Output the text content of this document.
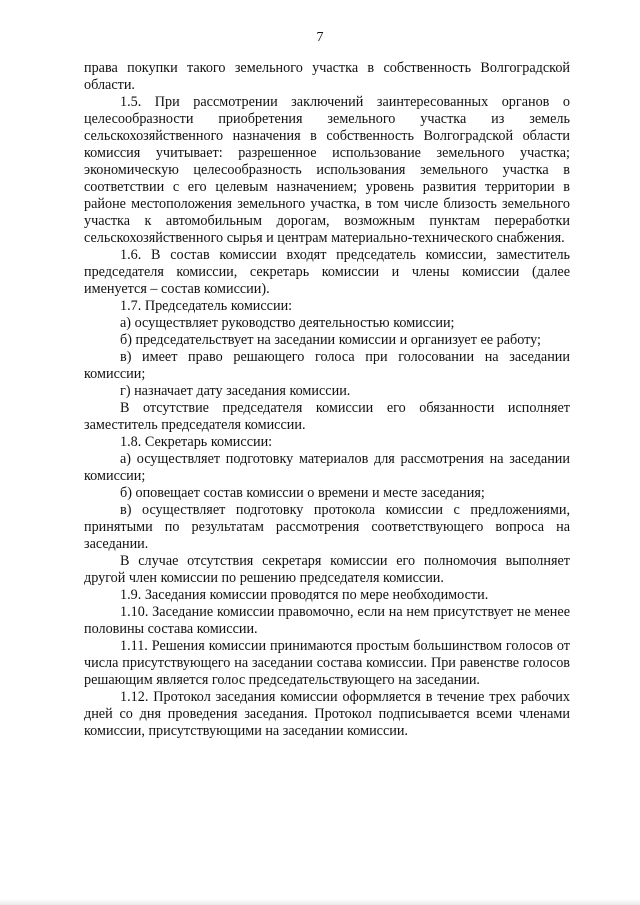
7

права покупки такого земельного участка в собственность Волгоградской области.

1.5. При рассмотрении заключений заинтересованных органов о целесообразности приобретения земельного участка из земель сельскохозяйственного назначения в собственность Волгоградской области комиссия учитывает: разрешенное использование земельного участка; экономическую целесообразность использования земельного участка в соответствии с его целевым назначением; уровень развития территории в районе местоположения земельного участка, в том числе близость земельного участка к автомобильным дорогам, возможным пунктам переработки сельскохозяйственного сырья и центрам материально-технического снабжения.

1.6. В состав комиссии входят председатель комиссии, заместитель председателя комиссии, секретарь комиссии и члены комиссии (далее именуется – состав комиссии).

1.7. Председатель комиссии:

а) осуществляет руководство деятельностью комиссии;

б) председательствует на заседании комиссии и организует ее работу;

в) имеет право решающего голоса при голосовании на заседании комиссии;

г) назначает дату заседания комиссии.

В отсутствие председателя комиссии его обязанности исполняет заместитель председателя комиссии.

1.8. Секретарь комиссии:

а) осуществляет подготовку материалов для рассмотрения на заседании комиссии;

б) оповещает состав комиссии о времени и месте заседания;

в) осуществляет подготовку протокола комиссии с предложениями, принятыми по результатам рассмотрения соответствующего вопроса на заседании.

В случае отсутствия секретаря комиссии его полномочия выполняет другой член комиссии по решению председателя комиссии.

1.9. Заседания комиссии проводятся по мере необходимости.

1.10. Заседание комиссии правомочно, если на нем присутствует не менее половины состава комиссии.

1.11. Решения комиссии принимаются простым большинством голосов от числа присутствующего на заседании состава комиссии. При равенстве голосов решающим является голос председательствующего на заседании.

1.12. Протокол заседания комиссии оформляется в течение трех рабочих дней со дня проведения заседания. Протокол подписывается всеми членами комиссии, присутствующими на заседании комиссии.
